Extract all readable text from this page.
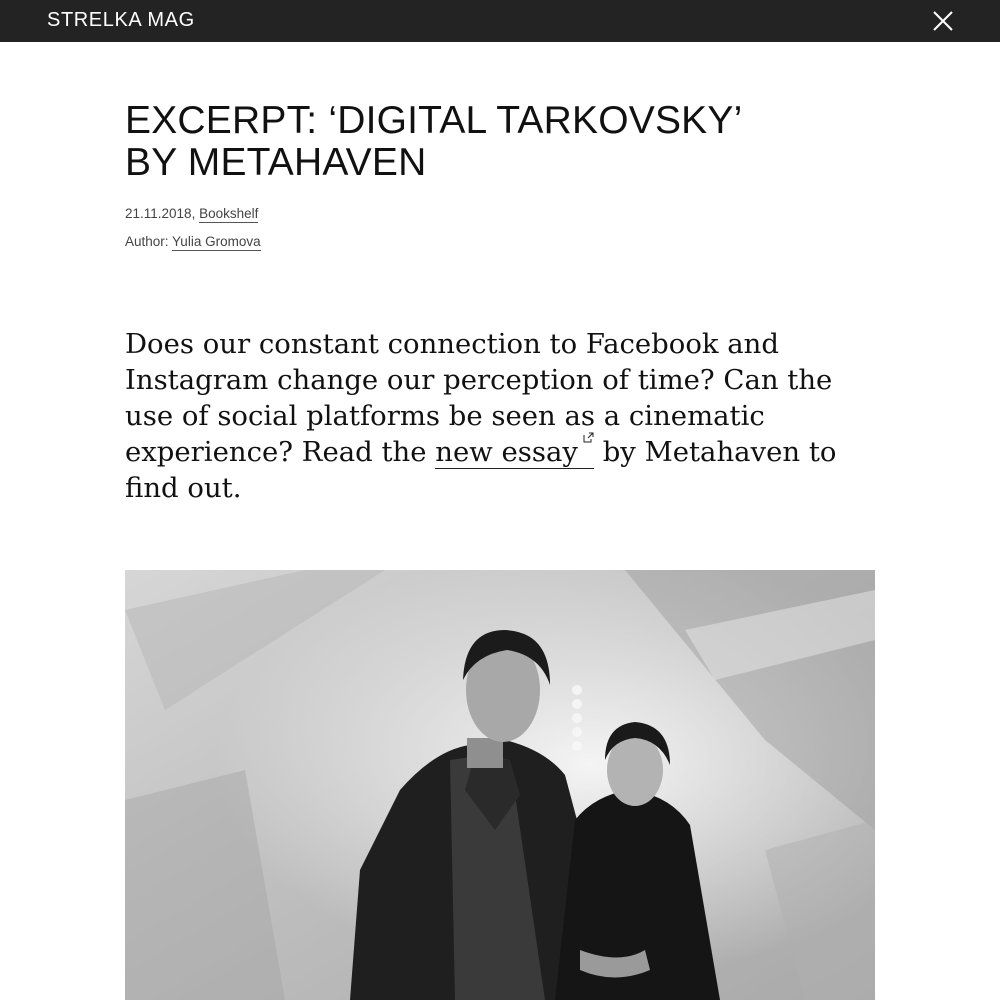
STRELKA MAG
EXCERPT: ‘DIGITAL TARKOVSKY’
BY METAHAVEN
21.11.2018, Bookshelf
Author: Yulia Gromova

Does our constant connection to Facebook and
Instagram change our perception of time? Can the
use of social platforms be seen as a cinematic
experience? Read the new essay
by Metahaven to
find out.
